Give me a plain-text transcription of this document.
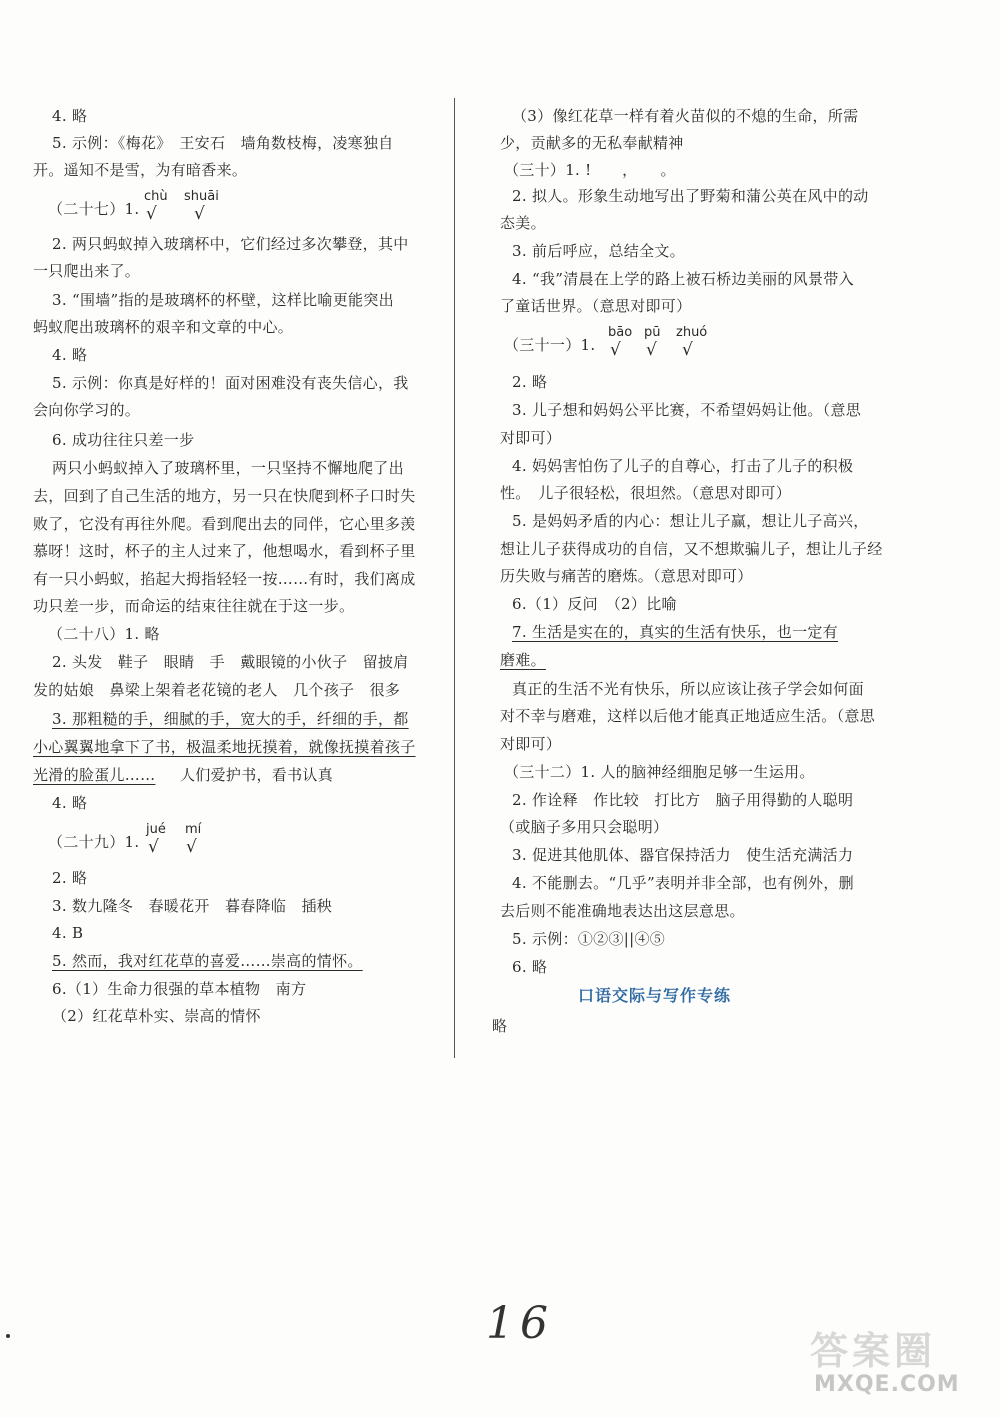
4. 略
5. 示例：《梅花》　王安石　墙角数枝梅，凌寒独自
开。遥知不是雪，为有暗香来。
（二十七）1.
chù shuāi
√ √
2. 两只蚂蚁掉入玻璃杯中，它们经过多次攀登，其中
一只爬出来了。
3. “围墙”指的是玻璃杯的杯壁，这样比喻更能突出
蚂蚁爬出玻璃杯的艰辛和文章的中心。
4. 略
5. 示例：你真是好样的！面对困难没有丧失信心，我
会向你学习的。
6. 成功往往只差一步
两只小蚂蚁掉入了玻璃杯里，一只坚持不懈地爬了出
去，回到了自己生活的地方，另一只在快爬到杯子口时失
败了，它没有再往外爬。看到爬出去的同伴，它心里多羡
慕呀！这时，杯子的主人过来了，他想喝水，看到杯子里
有一只小蚂蚁，掐起大拇指轻轻一按……有时，我们离成
功只差一步，而命运的结束往往就在于这一步。
（二十八）1. 略
2. 头发　鞋子　眼睛　手　戴眼镜的小伙子　留披肩
发的姑娘　鼻梁上架着老花镜的老人　几个孩子　很多
3. 那粗糙的手，细腻的手，宽大的手，纤细的手，都
小心翼翼地拿下了书，极温柔地抚摸着，就像抚摸着孩子
光滑的脸蛋儿…… 人们爱护书，看书认真
4. 略
（二十九）1.
jué mí
√ √
2. 略
3. 数九隆冬　春暖花开　暮春降临　插秧
4. B
5. 然而，我对红花草的喜爱……崇高的情怀。
6.（1）生命力很强的草本植物　南方
（2）红花草朴实、崇高的情怀
（3）像红花草一样有着火苗似的不熄的生命，所需
少，贡献多的无私奉献精神
（三十）1. !　　，　　。
2. 拟人。形象生动地写出了野菊和蒲公英在风中的动
态美。
3. 前后呼应，总结全文。
4. “我”清晨在上学的路上被石桥边美丽的风景带入
了童话世界。（意思对即可）
（三十一）1.
bāo pū zhuó
√ √ √
2. 略
3. 儿子想和妈妈公平比赛，不希望妈妈让他。（意思
对即可）
4. 妈妈害怕伤了儿子的自尊心，打击了儿子的积极
性。　儿子很轻松，很坦然。（意思对即可）
5. 是妈妈矛盾的内心：想让儿子赢，想让儿子高兴，
想让儿子获得成功的自信，又不想欺骗儿子，想让儿子经
历失败与痛苦的磨炼。（意思对即可）
6.（1）反问　（2）比喻
7. 生活是实在的，真实的生活有快乐，也一定有
磨难。
真正的生活不光有快乐，所以应该让孩子学会如何面
对不幸与磨难，这样以后他才能真正地适应生活。（意思
对即可）
（三十二）1. 人的脑神经细胞足够一生运用。
2. 作诠释　作比较　打比方　脑子用得勤的人聪明
（或脑子多用只会聪明）
3. 促进其他肌体、器官保持活力　使生活充满活力
4. 不能删去。“几乎”表明并非全部，也有例外，删
去后则不能准确地表达出这层意思。
5. 示例：①②③||④⑤
6. 略
略
口语交际与写作专练
16
答案圈
MXQE.COM
